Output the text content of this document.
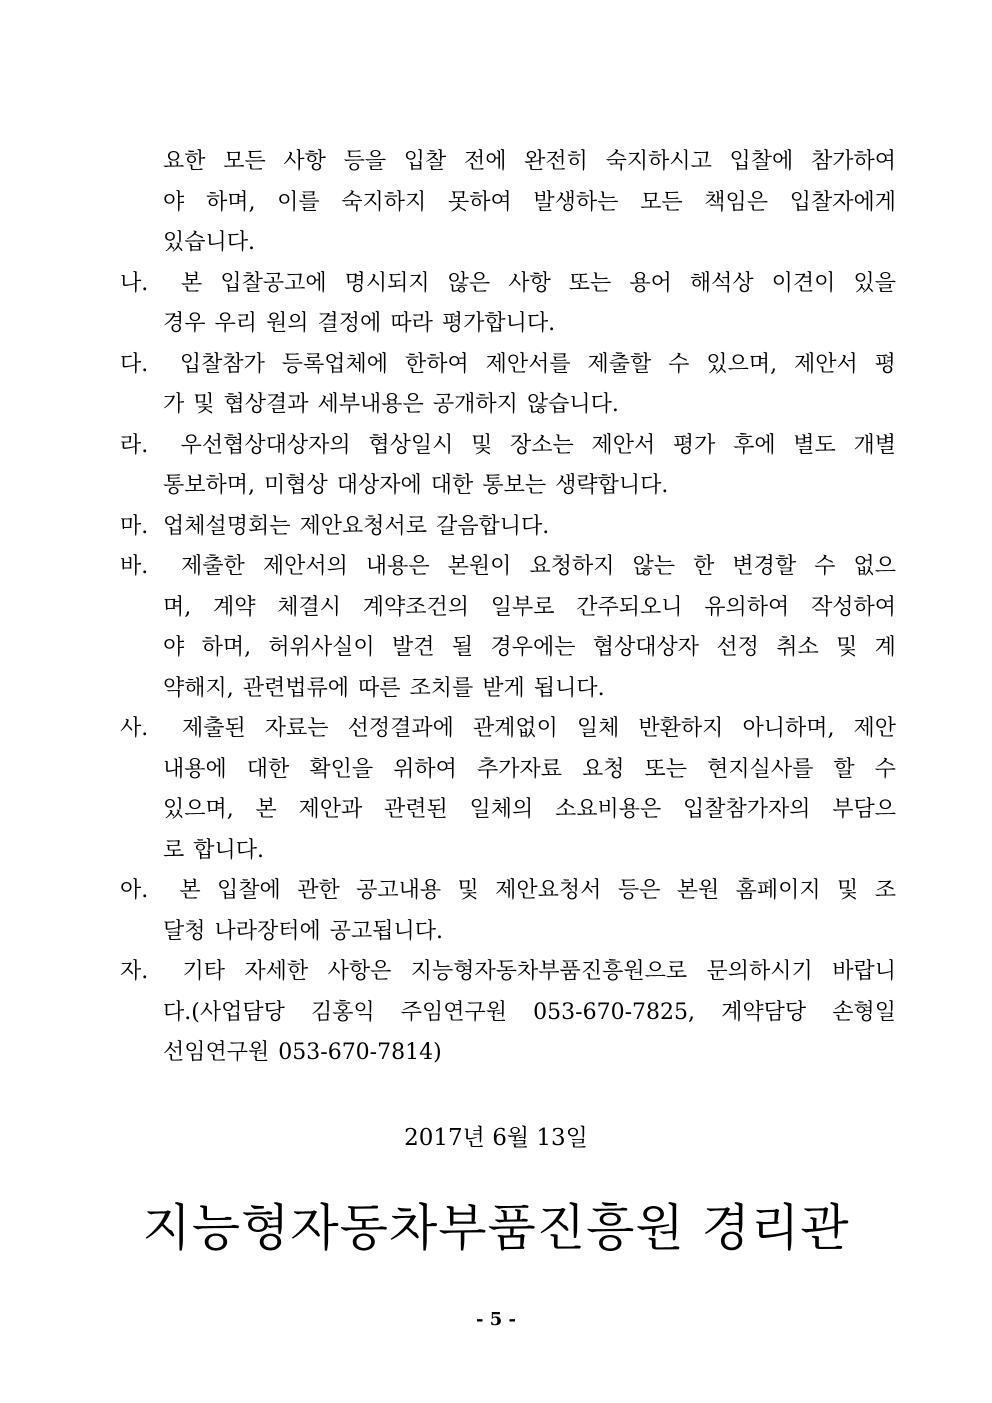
요한 모든 사항 등을 입찰 전에 완전히 숙지하시고 입찰에 참가하여
야 하며, 이를 숙지하지 못하여 발생하는 모든 책임은 입찰자에게
있습니다.
나.	본 입찰공고에 명시되지 않은 사항 또는 용어 해석상 이견이 있을
경우 우리 원의 결정에 따라 평가합니다.
다.	입찰참가 등록업체에 한하여 제안서를 제출할 수 있으며, 제안서 평
가 및 협상결과 세부내용은 공개하지 않습니다.
라.	우선협상대상자의 협상일시 및 장소는 제안서 평가 후에 별도 개별
통보하며, 미협상 대상자에 대한 통보는 생략합니다.
마. 업체설명회는 제안요청서로 갈음합니다.
바.	제출한 제안서의 내용은 본원이 요청하지 않는 한 변경할 수 없으
며, 계약 체결시 계약조건의 일부로 간주되오니 유의하여 작성하여
야 하며, 허위사실이 발견 될 경우에는 협상대상자 선정 취소 및 계
약해지, 관련법류에 따른 조치를 받게 됩니다.
사.	제출된 자료는 선정결과에 관계없이 일체 반환하지 아니하며, 제안
내용에 대한 확인을 위하여 추가자료 요청 또는 현지실사를 할 수
있으며, 본 제안과 관련된 일체의 소요비용은 입찰참가자의 부담으
로 합니다.
아.	본 입찰에 관한 공고내용 및 제안요청서 등은 본원 홈페이지 및 조
달청 나라장터에 공고됩니다.
자.	기타 자세한 사항은 지능형자동차부품진흥원으로 문의하시기 바랍니
다.(사업담당 김홍익 주임연구원 053-670-7825, 계약담당 손형일
선임연구원 053-670-7814)
2017년 6월 13일
지능형자동차부품진흥원 경리관
- 5 -
